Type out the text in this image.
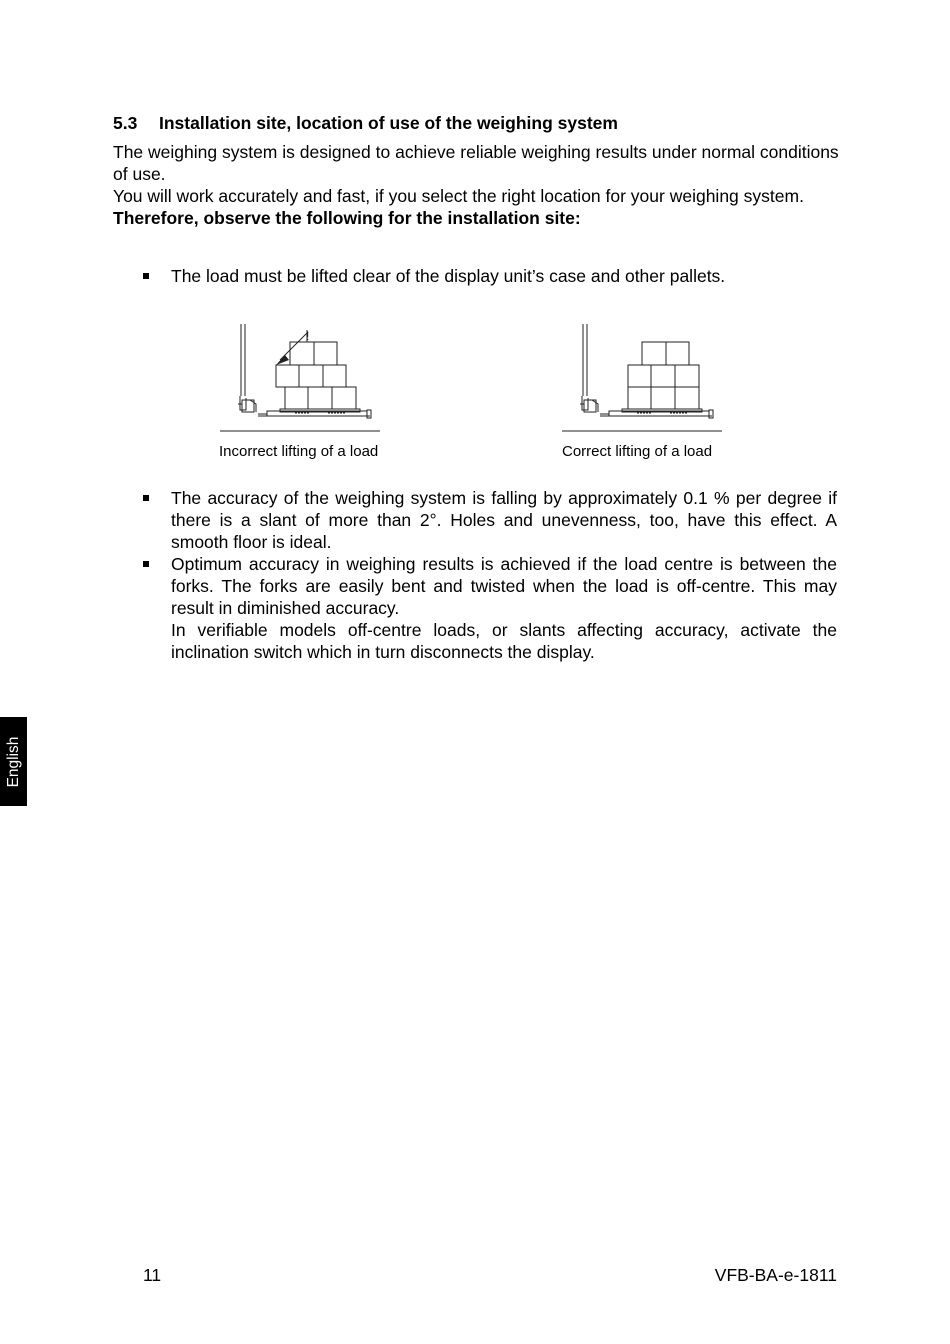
5.3 Installation site, location of use of the weighing system

The weighing system is designed to achieve reliable weighing results under normal conditions of use.

You will work accurately and fast, if you select the right location for your weighing system.

Therefore, observe the following for the installation site:

The load must be lifted clear of the display unit’s case and other pallets.
!
Incorrect lifting of a load	Correct lifting of a load

The accuracy of the weighing system is falling by approximately 0.1 % per degree if there is a slant of more than 2°. Holes and unevenness, too, have this effect. A smooth floor is ideal.

Optimum accuracy in weighing results is achieved if the load centre is between the forks. The forks are easily bent and twisted when the load is off-centre. This may result in diminished accuracy.

In verifiable models off-centre loads, or slants affecting accuracy, activate the inclination switch which in turn disconnects the display.

English
11	VFB-BA-e-1811
